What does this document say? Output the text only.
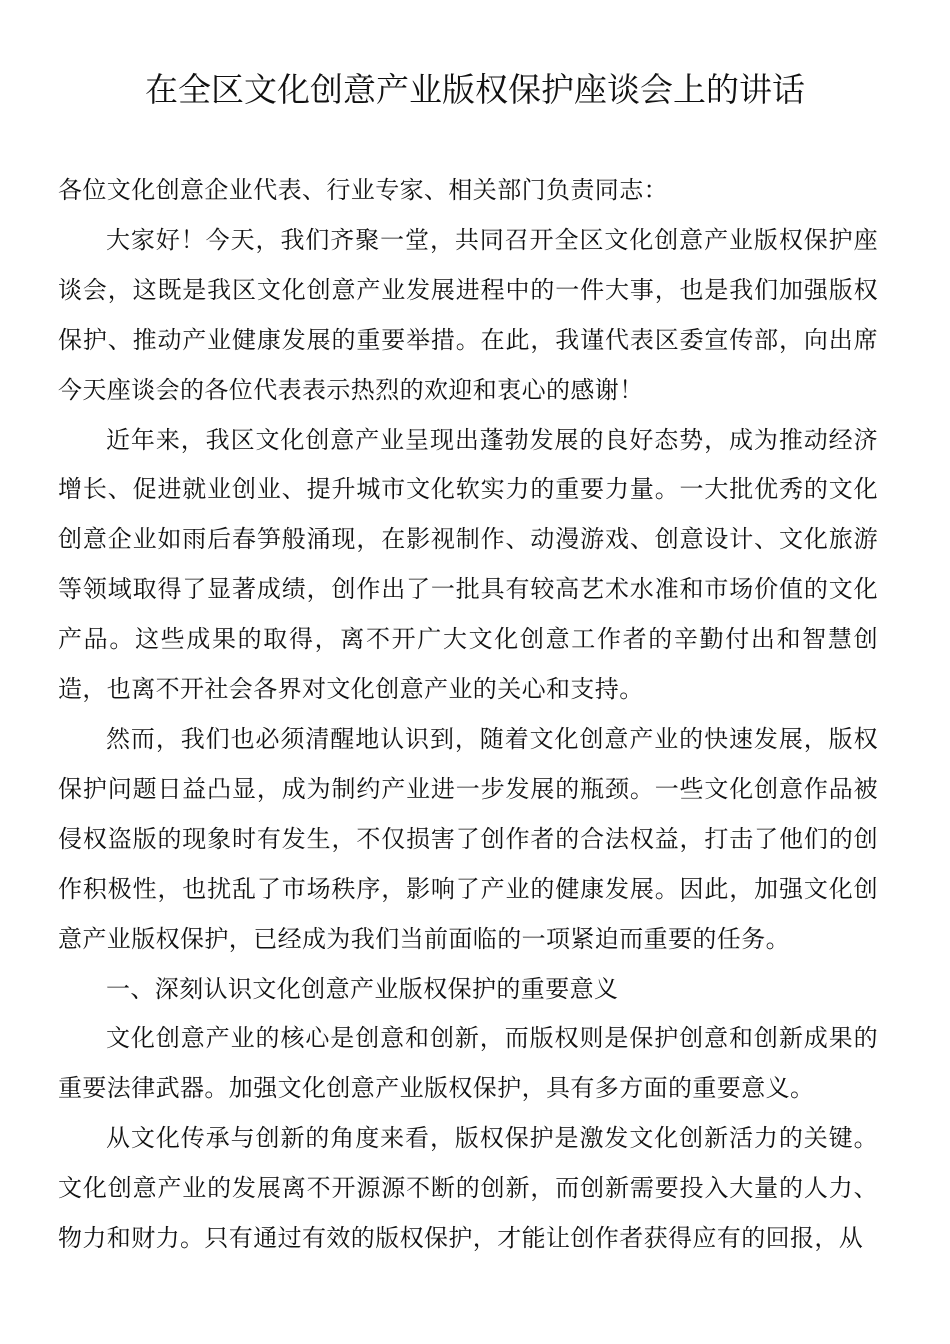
在全区文化创意产业版权保护座谈会上的讲话

各位文化创意企业代表、行业专家、相关部门负责同志：

大家好！今天，我们齐聚一堂，共同召开全区文化创意产业版权保护座谈会，这既是我区文化创意产业发展进程中的一件大事，也是我们加强版权保护、推动产业健康发展的重要举措。在此，我谨代表区委宣传部，向出席今天座谈会的各位代表表示热烈的欢迎和衷心的感谢！

近年来，我区文化创意产业呈现出蓬勃发展的良好态势，成为推动经济增长、促进就业创业、提升城市文化软实力的重要力量。一大批优秀的文化创意企业如雨后春笋般涌现，在影视制作、动漫游戏、创意设计、文化旅游等领域取得了显著成绩，创作出了一批具有较高艺术水准和市场价值的文化产品。这些成果的取得，离不开广大文化创意工作者的辛勤付出和智慧创造，也离不开社会各界对文化创意产业的关心和支持。

然而，我们也必须清醒地认识到，随着文化创意产业的快速发展，版权保护问题日益凸显，成为制约产业进一步发展的瓶颈。一些文化创意作品被侵权盗版的现象时有发生，不仅损害了创作者的合法权益，打击了他们的创作积极性，也扰乱了市场秩序，影响了产业的健康发展。因此，加强文化创意产业版权保护，已经成为我们当前面临的一项紧迫而重要的任务。

一、深刻认识文化创意产业版权保护的重要意义

文化创意产业的核心是创意和创新，而版权则是保护创意和创新成果的重要法律武器。加强文化创意产业版权保护，具有多方面的重要意义。

从文化传承与创新的角度来看，版权保护是激发文化创新活力的关键。文化创意产业的发展离不开源源不断的创新，而创新需要投入大量的人力、物力和财力。只有通过有效的版权保护，才能让创作者获得应有的回报，从
